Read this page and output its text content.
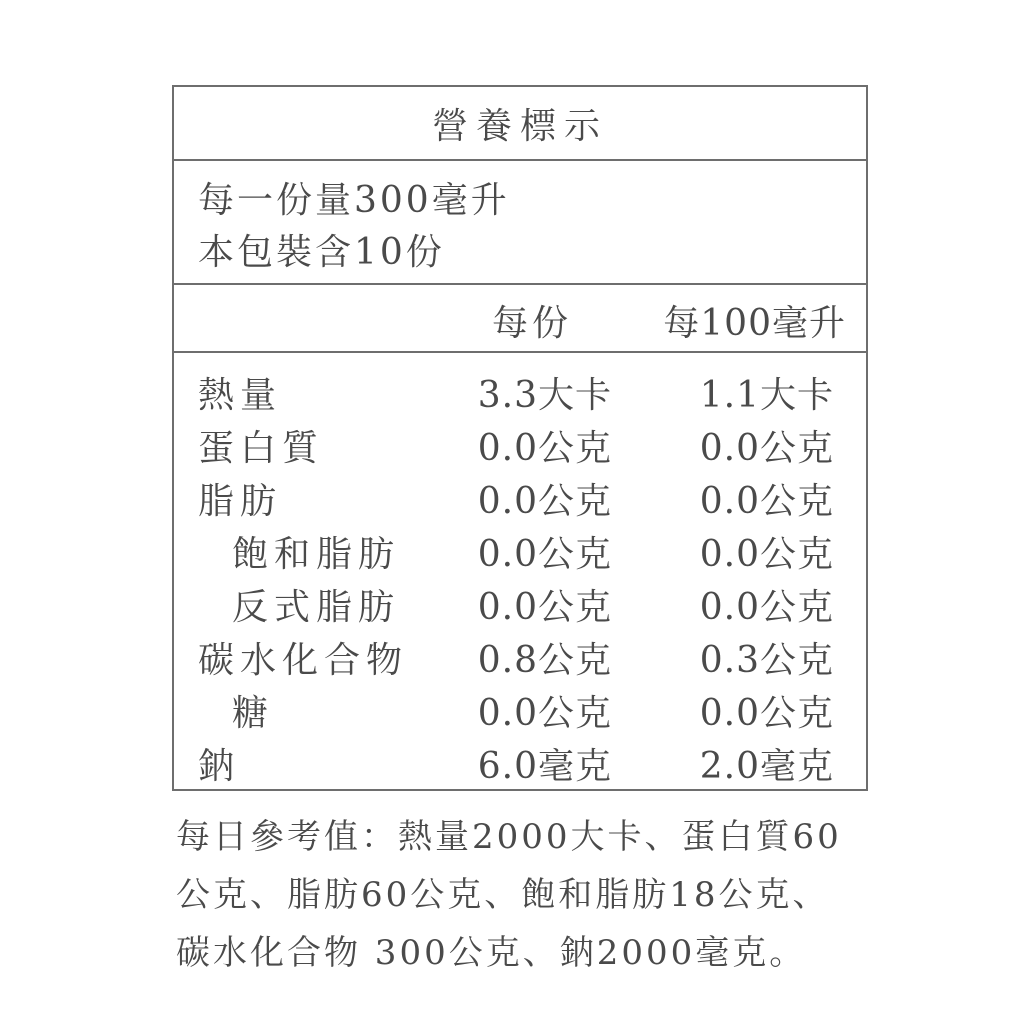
營養標示
每一份量300毫升
本包裝含10份
每份	每100毫升
熱量	3.3大卡 1.1大卡
蛋白質	0.0公克 0.0公克
脂肪	0.0公克 0.0公克
飽和脂肪 0.0公克 0.0公克
反式脂肪 0.0公克 0.0公克
碳水化合物 0.8公克 0.3公克
糖	0.0公克 0.0公克
鈉	6.0毫克 2.0毫克
每日參考值：熱量2000大卡、蛋白質60
公克、脂肪60公克、飽和脂肪18公克、
碳水化合物 300公克、鈉2000毫克。
